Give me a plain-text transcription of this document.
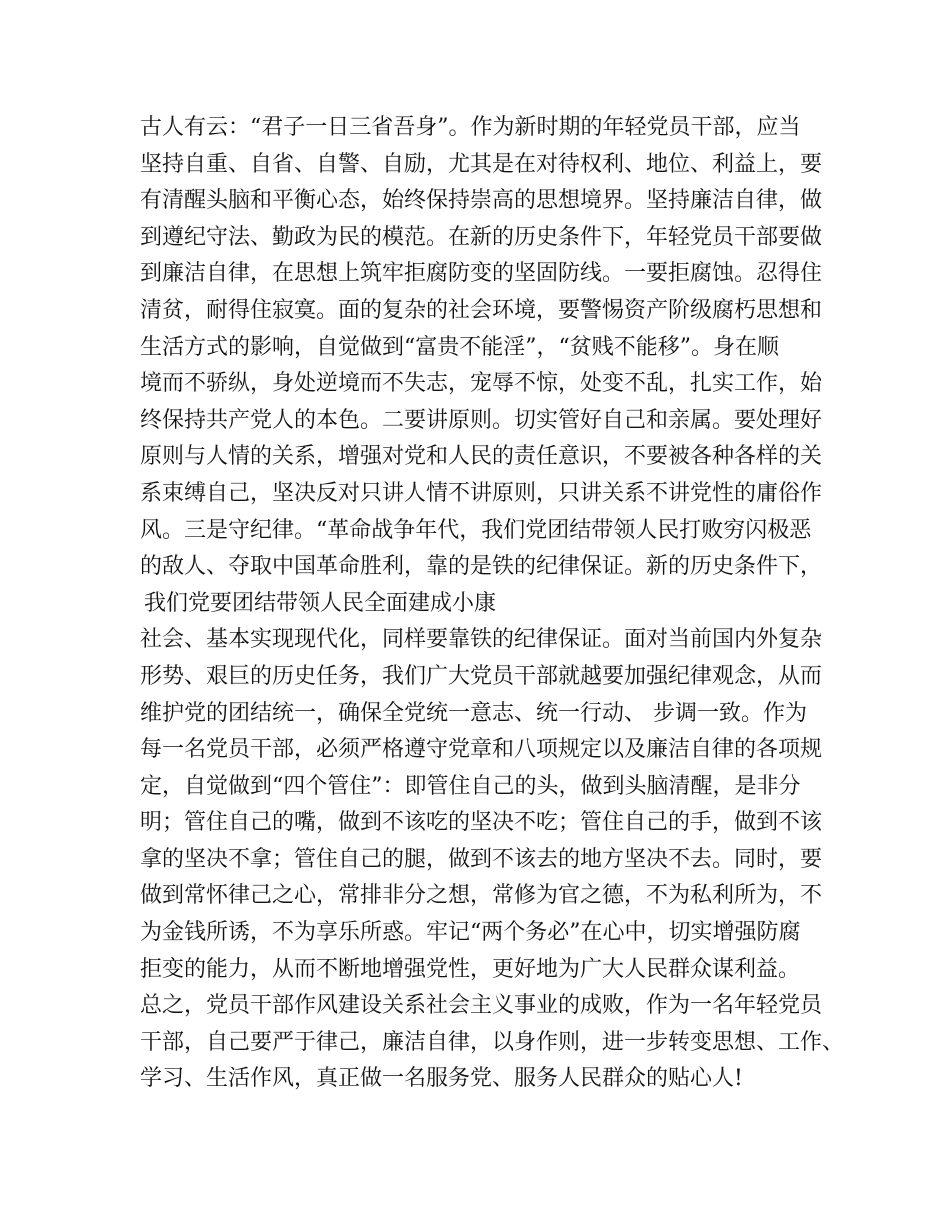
古人有云：“君子一日三省吾身”。作为新时期的年轻党员干部，应当
坚持自重、自省、自警、自励，尤其是在对待权利、地位、利益上，要
有清醒头脑和平衡心态，始终保持崇高的思想境界。坚持廉洁自律，做
到遵纪守法、勤政为民的模范。在新的历史条件下，年轻党员干部要做
到廉洁自律，在思想上筑牢拒腐防变的坚固防线。一要拒腐蚀。忍得住
清贫，耐得住寂寞。面的复杂的社会环境，要警惕资产阶级腐朽思想和
生活方式的影响，自觉做到“富贵不能淫”，“贫贱不能移”。身在顺
境而不骄纵，身处逆境而不失志，宠辱不惊，处变不乱，扎实工作，始
终保持共产党人的本色。二要讲原则。切实管好自己和亲属。要处理好
原则与人情的关系，增强对党和人民的责任意识，不要被各种各样的关
系束缚自己，坚决反对只讲人情不讲原则，只讲关系不讲党性的庸俗作
风。三是守纪律。“革命战争年代，我们党团结带领人民打败穷闪极恶
的敌人、夺取中国革命胜利，靠的是铁的纪律保证。新的历史条件下，
我们党要团结带领人民全面建成小康
社会、基本实现现代化，同样要靠铁的纪律保证。面对当前国内外复杂
形势、艰巨的历史任务，我们广大党员干部就越要加强纪律观念，从而
维护党的团结统一，确保全党统一意志、统一行动、 步调一致。作为
每一名党员干部，必须严格遵守党章和八项规定以及廉洁自律的各项规
定，自觉做到“四个管住”：即管住自己的头，做到头脑清醒，是非分
明；管住自己的嘴，做到不该吃的坚决不吃；管住自己的手，做到不该
拿的坚决不拿；管住自己的腿，做到不该去的地方坚决不去。同时，要
做到常怀律己之心，常排非分之想，常修为官之德，不为私利所为，不
为金钱所诱，不为享乐所惑。牢记“两个务必”在心中，切实增强防腐
拒变的能力，从而不断地增强党性，更好地为广大人民群众谋利益。
总之，党员干部作风建设关系社会主义事业的成败，作为一名年轻党员
干部，自己要严于律己，廉洁自律，以身作则，进一步转变思想、工作、
学习、生活作风，真正做一名服务党、服务人民群众的贴心人!
